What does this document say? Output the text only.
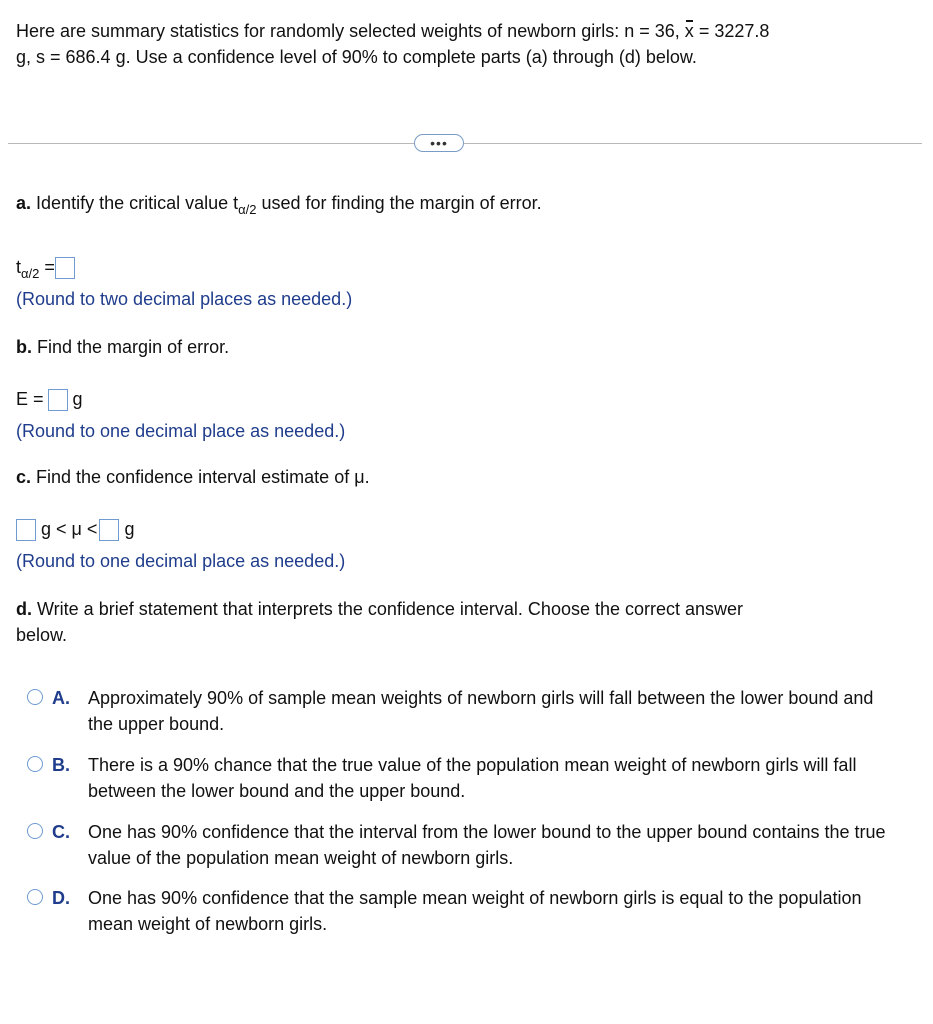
Here are summary statistics for randomly selected weights of newborn girls: n = 36, x = 3227.8
g, s = 686.4 g. Use a confidence level of 90% to complete parts (a) through (d) below.
•••
a. Identify the critical value $t_{\alpha/2}$ used for finding the margin of error.
$t_{\alpha/2}$ =
(Round to two decimal places as needed.)
b. Find the margin of error.
E = g
(Round to one decimal place as needed.)
c. Find the confidence interval estimate of μ.
g < μ < g
(Round to one decimal place as needed.)
d. Write a brief statement that interprets the confidence interval. Choose the correct answer
below.
A. Approximately 90% of sample mean weights of newborn girls will fall between the lower bound and the upper bound.
B. There is a 90% chance that the true value of the population mean weight of newborn girls will fall between the lower bound and the upper bound.
C. One has 90% confidence that the interval from the lower bound to the upper bound contains the true value of the population mean weight of newborn girls.
D. One has 90% confidence that the sample mean weight of newborn girls is equal to the population mean weight of newborn girls.
